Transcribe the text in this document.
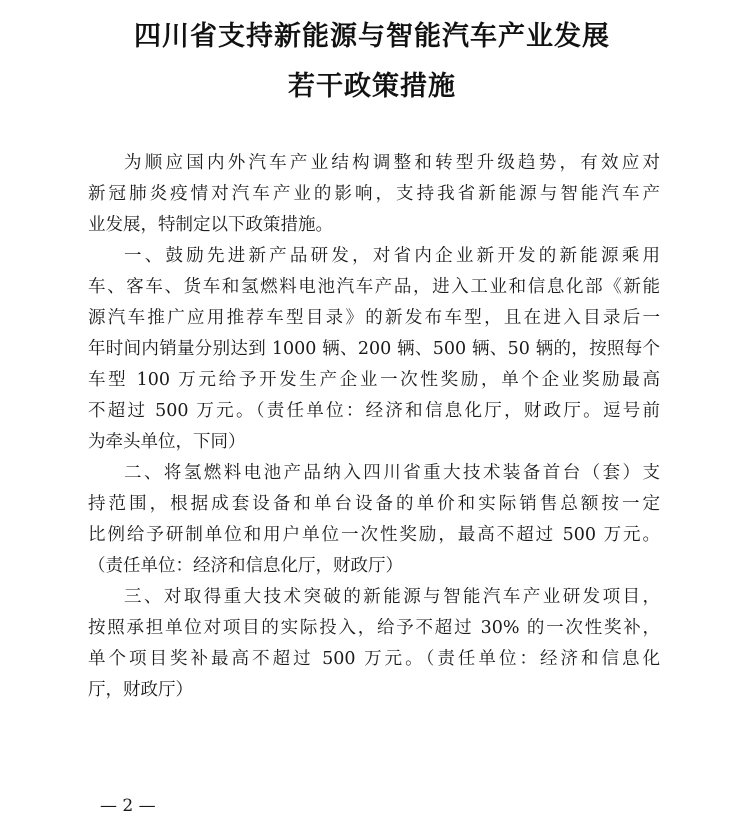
四川省支持新能源与智能汽车产业发展
若干政策措施
为顺应国内外汽车产业结构调整和转型升级趋势，有效应对
新冠肺炎疫情对汽车产业的影响，支持我省新能源与智能汽车产
业发展，特制定以下政策措施。
一、鼓励先进新产品研发，对省内企业新开发的新能源乘用
车、客车、货车和氢燃料电池汽车产品，进入工业和信息化部《新能
源汽车推广应用推荐车型目录》的新发布车型，且在进入目录后一
年时间内销量分别达到 1000 辆、200 辆、500 辆、50 辆的，按照每个
车型 100 万元给予开发生产企业一次性奖励，单个企业奖励最高
不超过 500 万元。（责任单位：经济和信息化厅，财政厅。逗号前
为牵头单位，下同）
二、将氢燃料电池产品纳入四川省重大技术装备首台（套）支
持范围，根据成套设备和单台设备的单价和实际销售总额按一定
比例给予研制单位和用户单位一次性奖励，最高不超过 500 万元。
（责任单位：经济和信息化厅，财政厅）
三、对取得重大技术突破的新能源与智能汽车产业研发项目，
按照承担单位对项目的实际投入，给予不超过 30% 的一次性奖补，
单个项目奖补最高不超过 500 万元。（责任单位：经济和信息化
厅，财政厅）
— 2 —
